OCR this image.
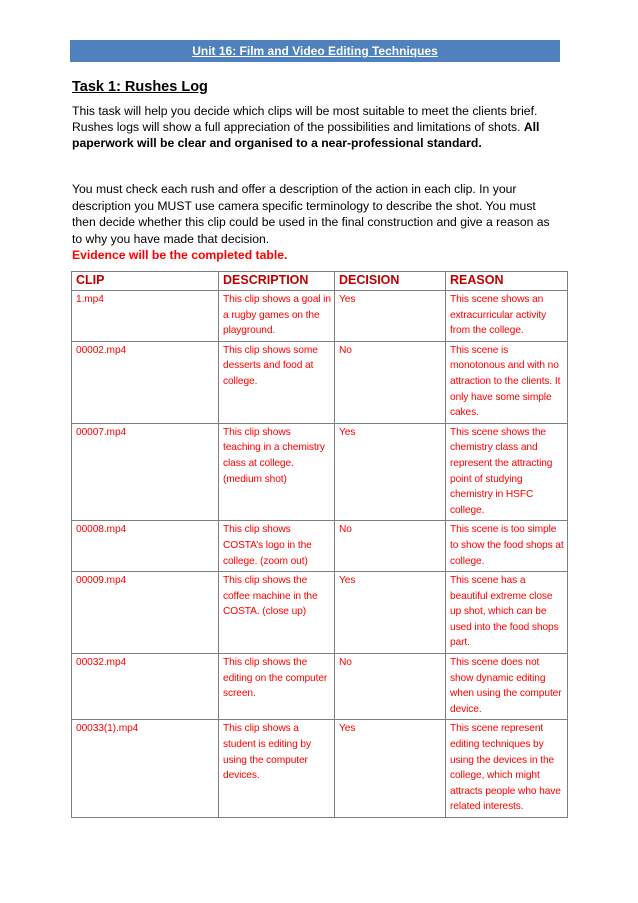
Unit 16: Film and Video Editing Techniques
Task 1: Rushes Log
This task will help you decide which clips will be most suitable to meet the clients brief. Rushes logs will show a full appreciation of the possibilities and limitations of shots. All paperwork will be clear and organised to a near-professional standard.
You must check each rush and offer a description of the action in each clip. In your description you MUST use camera specific terminology to describe the shot. You must then decide whether this clip could be used in the final construction and give a reason as to why you have made that decision.
Evidence will be the completed table.
CLIP	DESCRIPTION	DECISION	REASON
1.mp4	This clip shows a goal in a rugby games on the playground.	Yes	This scene shows an extracurricular activity from the college.
00002.mp4	This clip shows some desserts and food at college.	No	This scene is monotonous and with no attraction to the clients. It only have some simple cakes.
00007.mp4	This clip shows teaching in a chemistry class at college. (medium shot)	Yes	This scene shows the chemistry class and represent the attracting point of studying chemistry in HSFC college.
00008.mp4	This clip shows COSTA’s logo in the college. (zoom out)	No	This scene is too simple to show the food shops at college.
00009.mp4	This clip shows the coffee machine in the COSTA. (close up)	Yes	This scene has a beautiful extreme close up shot, which can be used into the food shops part.
00032.mp4	This clip shows the editing on the computer screen.	No	This scene does not show dynamic editing when using the computer device.
00033(1).mp4	This clip shows a student is editing by using the computer devices.	Yes	This scene represent editing techniques by using the devices in the college, which might attracts people who have related interests.
